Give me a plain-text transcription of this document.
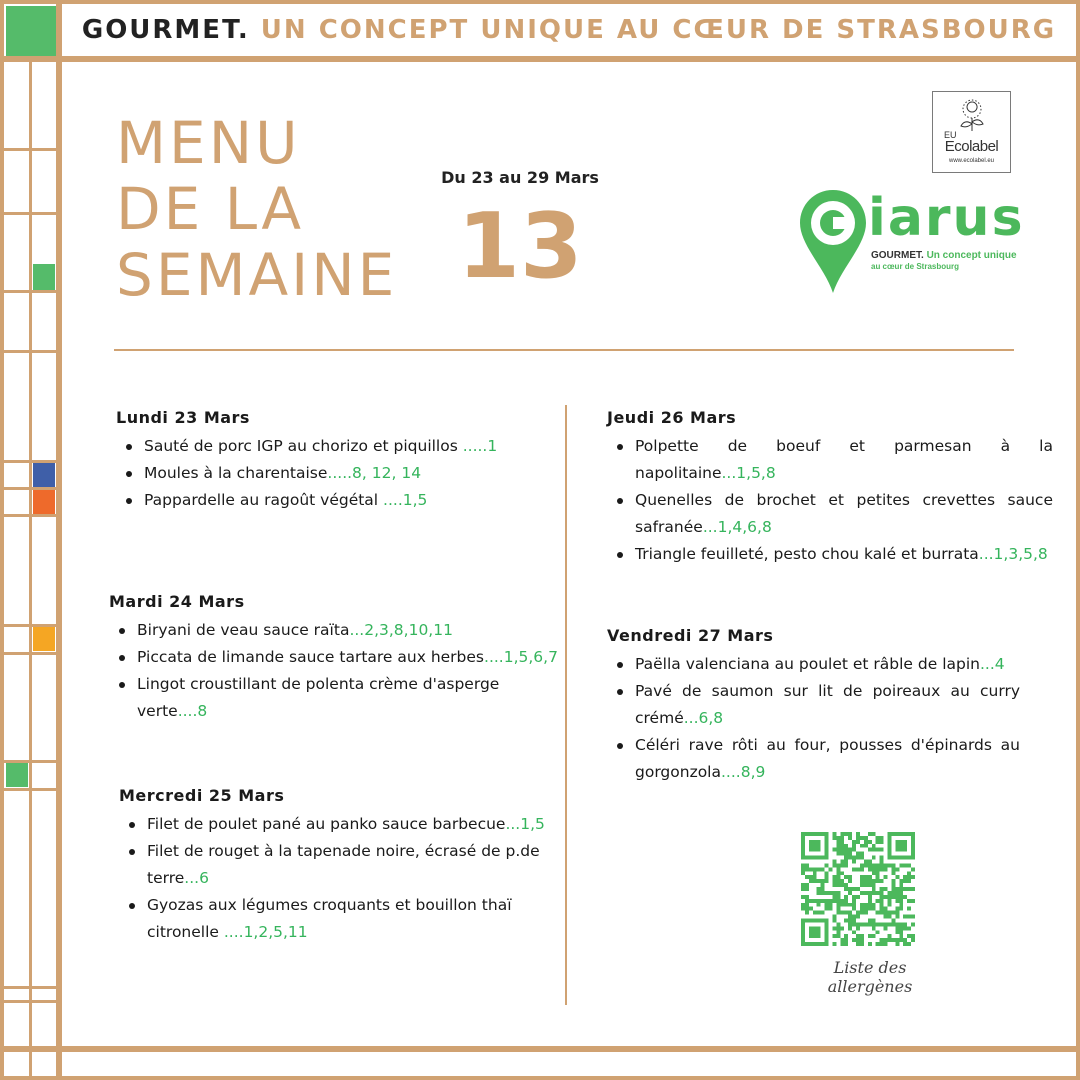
GOURMET. UN CONCEPT UNIQUE AU CŒUR DE STRASBOURG
MENU
DE LA
SEMAINE
Du 23 au 29 Mars
13
EU
Ecolabel
www.ecolabel.eu
iarus
GOURMET. Un concept unique
au cœur de Strasbourg
Lundi 23 Mars
Sauté de porc IGP au chorizo et piquillos .....1
Moules à la charentaise.....8, 12, 14
Pappardelle au ragoût végétal ....1,5
Mardi 24 Mars
Biryani de veau sauce raïta...2,3,8,10,11
Piccata de limande sauce tartare aux herbes....1,5,6,7
Lingot croustillant de polenta crème d'asperge verte....8
Mercredi 25 Mars
Filet de poulet pané au panko sauce barbecue...1,5
Filet de rouget à la tapenade noire, écrasé de p.de terre...6
Gyozas aux légumes croquants et bouillon thaï citronelle ....1,2,5,11
Jeudi 26 Mars
Polpette de boeuf et parmesan à la napolitaine...1,5,8
Quenelles de brochet et petites crevettes sauce safranée...1,4,6,8
Triangle feuilleté, pesto chou kalé et burrata...1,3,5,8
Vendredi 27 Mars
Paëlla valenciana au poulet et râble de lapin...4
Pavé de saumon sur lit de poireaux au curry crémé...6,8
Céléri rave rôti au four, pousses d'épinards au gorgonzola....8,9
Liste des allergènes
